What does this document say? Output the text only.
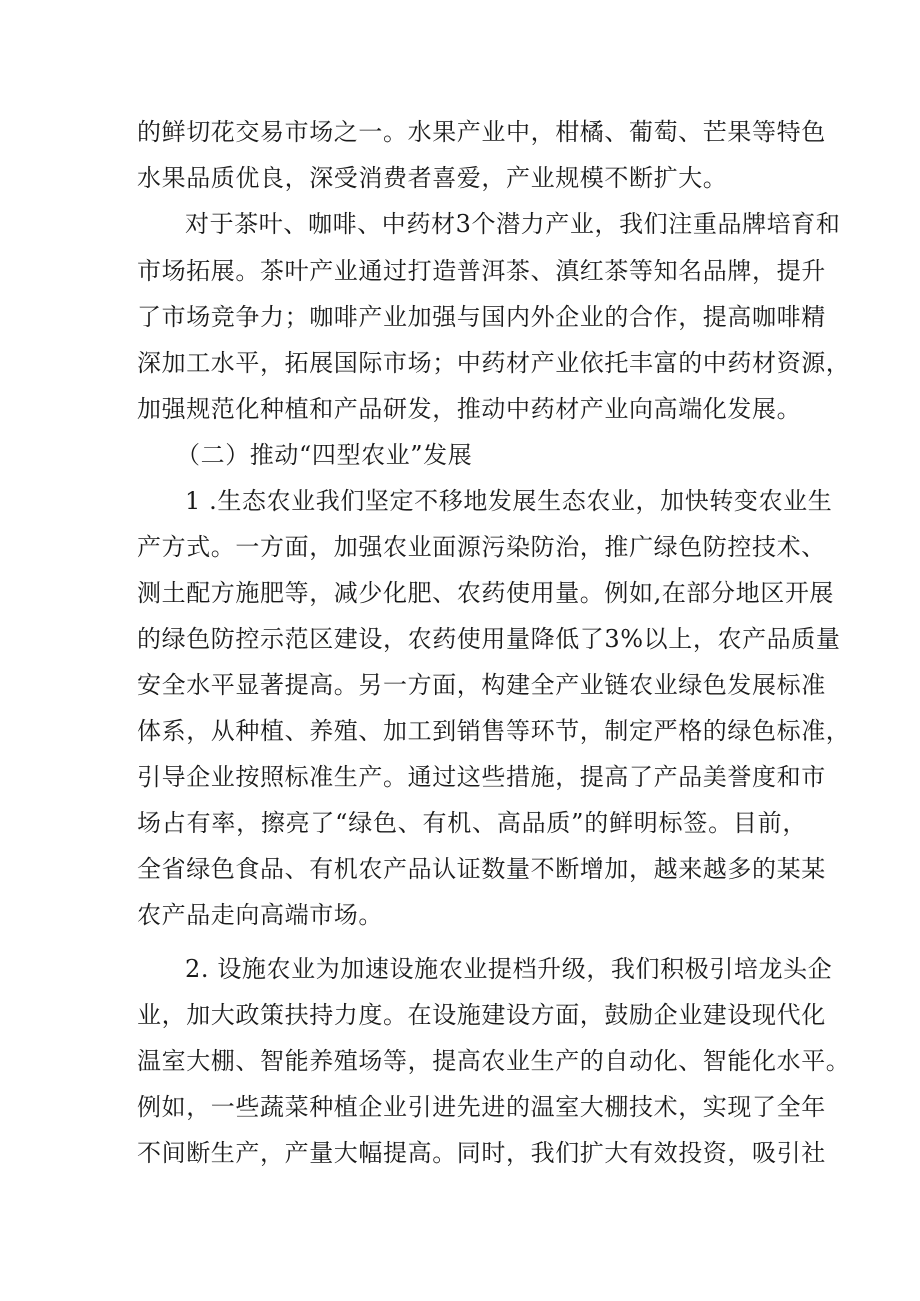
的鲜切花交易市场之一。水果产业中，柑橘、葡萄、芒果等特色
水果品质优良，深受消费者喜爱，产业规模不断扩大。
对于茶叶、咖啡、中药材3个潜力产业，我们注重品牌培育和
市场拓展。茶叶产业通过打造普洱茶、滇红茶等知名品牌，提升
了市场竞争力；咖啡产业加强与国内外企业的合作，提高咖啡精
深加工水平，拓展国际市场；中药材产业依托丰富的中药材资源，
加强规范化种植和产品研发，推动中药材产业向高端化发展。
（二）推动“四型农业”发展
1 .生态农业我们坚定不移地发展生态农业，加快转变农业生
产方式。一方面，加强农业面源污染防治，推广绿色防控技术、
测土配方施肥等，减少化肥、农药使用量。例如,在部分地区开展
的绿色防控示范区建设，农药使用量降低了3%以上，农产品质量
安全水平显著提高。另一方面，构建全产业链农业绿色发展标准
体系，从种植、养殖、加工到销售等环节，制定严格的绿色标准，
引导企业按照标准生产。通过这些措施，提高了产品美誉度和市
场占有率，擦亮了“绿色、有机、高品质”的鲜明标签。目前，
全省绿色食品、有机农产品认证数量不断增加，越来越多的某某
农产品走向高端市场。
2. 设施农业为加速设施农业提档升级，我们积极引培龙头企
业，加大政策扶持力度。在设施建设方面，鼓励企业建设现代化
温室大棚、智能养殖场等，提高农业生产的自动化、智能化水平。
例如，一些蔬菜种植企业引进先进的温室大棚技术，实现了全年
不间断生产，产量大幅提高。同时，我们扩大有效投资，吸引社
